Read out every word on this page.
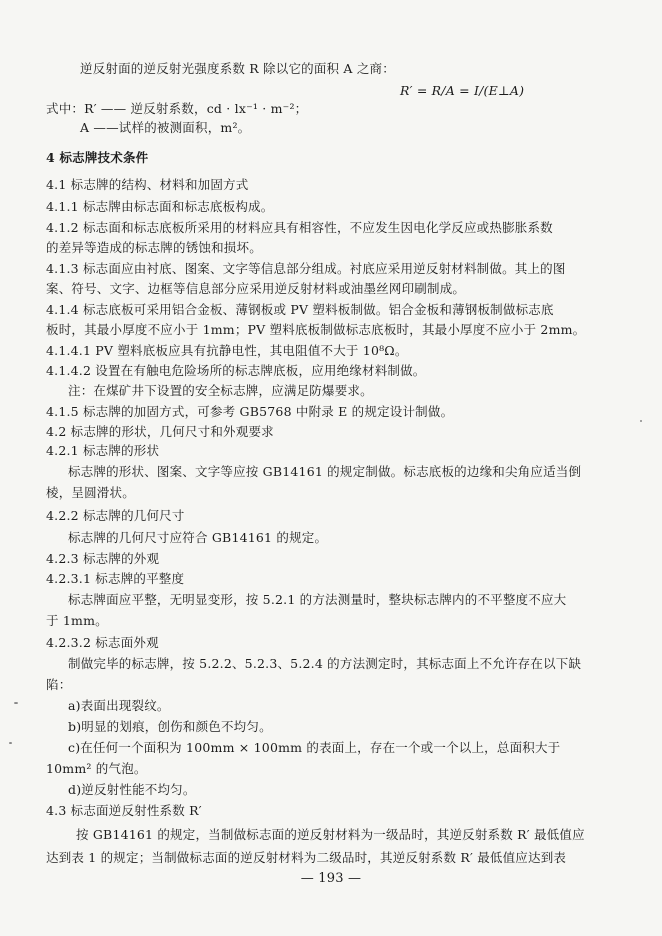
逆反射面的逆反射光强度系数 R 除以它的面积 A 之商：
R′ = R/A = I/(E⊥A)
式中：R′ —— 逆反射系数，cd · lx⁻¹ · m⁻²；
A ——试样的被测面积，m²。
4 标志牌技术条件
4.1 标志牌的结构、材料和加固方式
4.1.1 标志牌由标志面和标志底板构成。
4.1.2 标志面和标志底板所采用的材料应具有相容性，不应发生因电化学反应或热膨胀系数
的差异等造成的标志牌的锈蚀和损坏。
4.1.3 标志面应由衬底、图案、文字等信息部分组成。衬底应采用逆反射材料制做。其上的图
案、符号、文字、边框等信息部分应采用逆反射材料或油墨丝网印刷制成。
4.1.4 标志底板可采用铝合金板、薄钢板或 PV 塑料板制做。铝合金板和薄钢板制做标志底
板时，其最小厚度不应小于 1mm；PV 塑料底板制做标志底板时，其最小厚度不应小于 2mm。
4.1.4.1 PV 塑料底板应具有抗静电性，其电阻值不大于 10⁸Ω。
4.1.4.2 设置在有触电危险场所的标志牌底板，应用绝缘材料制做。
注：在煤矿井下设置的安全标志牌，应满足防爆要求。
4.1.5 标志牌的加固方式，可参考 GB5768 中附录 E 的规定设计制做。
4.2 标志牌的形状，几何尺寸和外观要求
4.2.1 标志牌的形状
标志牌的形状、图案、文字等应按 GB14161 的规定制做。标志底板的边缘和尖角应适当倒
棱，呈圆滑状。
4.2.2 标志牌的几何尺寸
标志牌的几何尺寸应符合 GB14161 的规定。
4.2.3 标志牌的外观
4.2.3.1 标志牌的平整度
标志牌面应平整，无明显变形，按 5.2.1 的方法测量时，整块标志牌内的不平整度不应大
于 1mm。
4.2.3.2 标志面外观
制做完毕的标志牌，按 5.2.2、5.2.3、5.2.4 的方法测定时，其标志面上不允许存在以下缺
陷：
a)表面出现裂纹。
b)明显的划痕，创伤和颜色不均匀。
c)在任何一个面积为 100mm × 100mm 的表面上，存在一个或一个以上，总面积大于
10mm² 的气泡。
d)逆反射性能不均匀。
4.3 标志面逆反射性系数 R′
按 GB14161 的规定，当制做标志面的逆反射材料为一级品时，其逆反射系数 R′ 最低值应
达到表 1 的规定；当制做标志面的逆反射材料为二级品时，其逆反射系数 R′ 最低值应达到表
— 193 —
